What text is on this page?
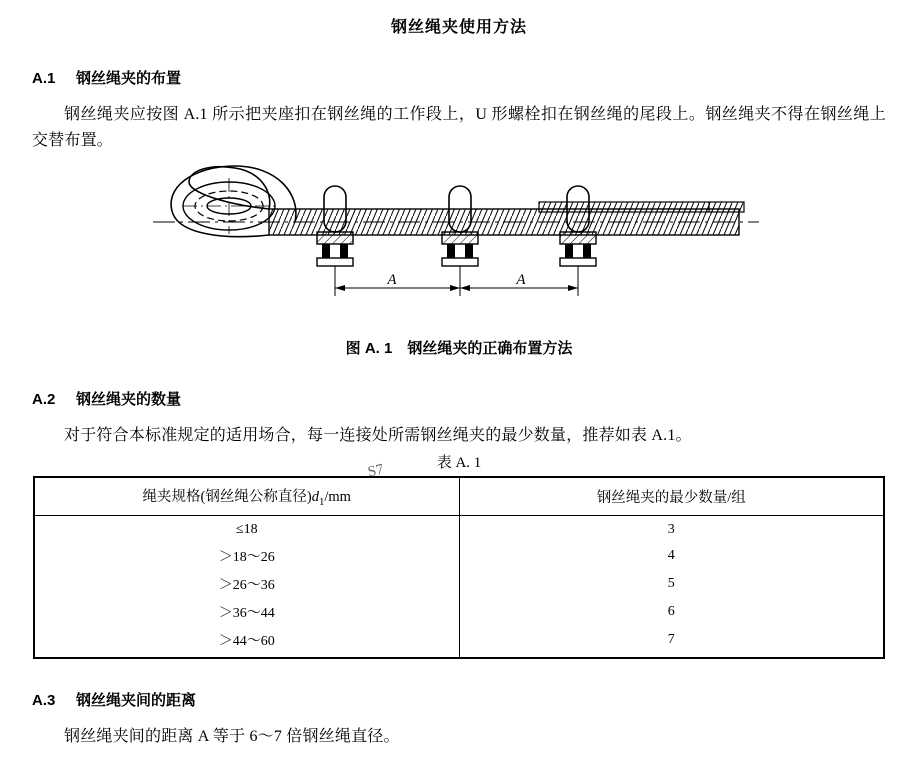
钢丝绳夹使用方法
A.1 钢丝绳夹的布置

钢丝绳夹应按图 A.1 所示把夹座扣在钢丝绳的工作段上，U 形螺栓扣在钢丝绳的尾段上。钢丝绳夹不得在钢丝绳上交替布置。

A	A
图 A. 1　钢丝绳夹的正确布置方法
A.2 钢丝绳夹的数量

对于符合本标准规定的适用场合，每一连接处所需钢丝绳夹的最少数量，推荐如表 A.1。

S7	表 A. 1
绳夹规格(钢丝绳公称直径)$d_1/mm$	钢丝绳夹的最少数量/组
≤18	3
＞18～26	4
＞26～36	5
＞36～44	6
＞44～60	7
A.3 钢丝绳夹间的距离

钢丝绳夹间的距离 A 等于 6～7 倍钢丝绳直径。
